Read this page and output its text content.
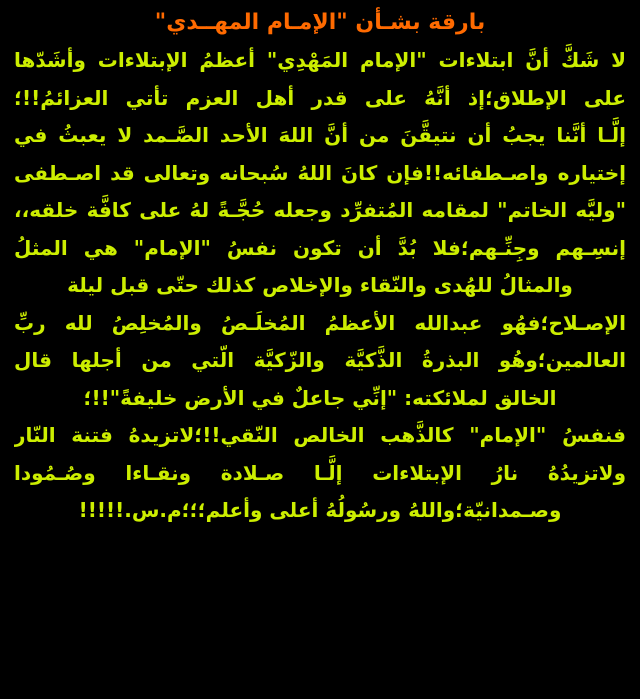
بارقة بشـأن "الإمـام المهــدي"
لا شَكَّ أنَّ ابتلاءات "الإمام المَهْدِي" أعظمُ الإبتلاءات وأشَدّها
على الإطلاق؛إذ أنَّهُ على قدر أهل العزم تأتي العزائمُ!!؛
إلَّـا أنَّنا يجبُ أن نتيقَّنَ من أنَّ اللهَ الأحد الصَّـمد لا يعبثُ في
إختياره واصـطفائه!!فإن كانَ اللهُ سُبحانه وتعالى قد اصـطفى
"وليَّه الخاتم" لمقامه المُتفرِّد وجعله حُجَّـةً لهُ على كافَّة خلقه،،
إنسِـهم وجِنِّـهم؛فلا بُدَّ أن تكون نفسُ "الإمام" هي المثلُ
والمثالُ للهُدى والنّقاء والإخلاص كذلك حتّى قبل ليلة
الإصـلاح؛فهُو عبدالله الأعظمُ المُخلَـصُ والمُخلِصُ لله ربِّ
العالمين؛وهُو البذرةُ الذَّكيَّة والزّكيَّة الّتي من أجلها قال
الخالق لملائكته: "إنِّي جاعلٌ في الأرض خليفةً"!!؛
فنفسُ "الإمام" كالذَّهب الخالص النّقي!!؛لاتزيدهُ فتنة النّار
ولاتزيدُهُ نارُ الإبتلاءات إلَّـا صـلادة ونقـاءا وصُـمُودا
وصـمدانيّة؛واللهُ ورسُولُهُ أعلى وأعلم؛؛؛م.س.!!!!!
